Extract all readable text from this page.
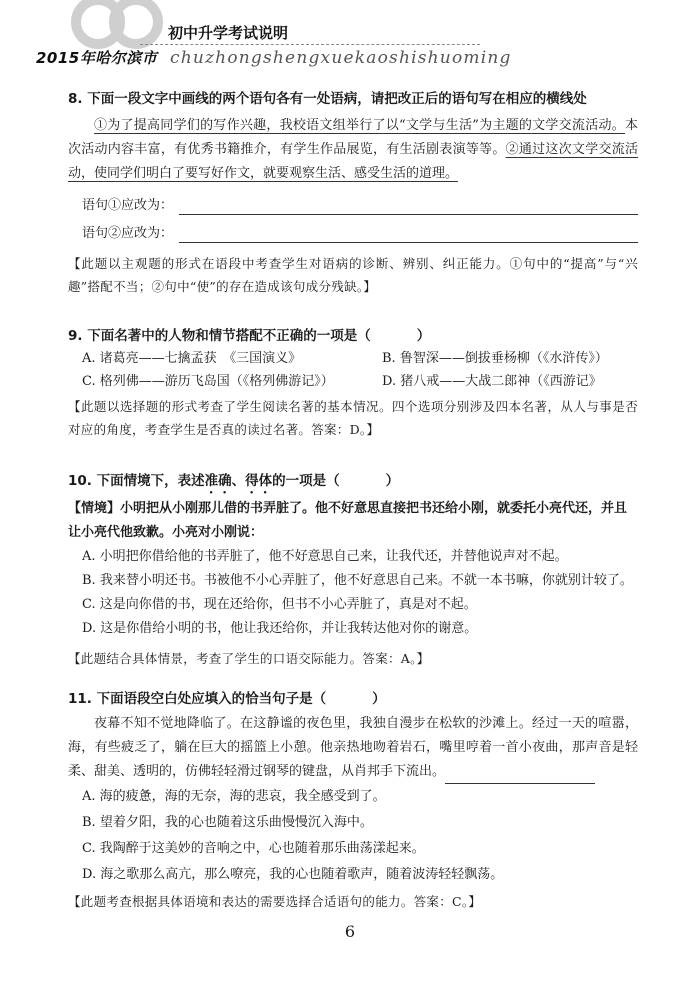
初中升学考试说明
2015年哈尔滨市 chuzhongshengxuekaoshishuoming
8. 下面一段文字中画线的两个语句各有一处语病，请把改正后的语句写在相应的横线处
①为了提高同学们的写作兴趣，我校语文组举行了以“文学与生活”为主题的文学交流活动。本次活动内容丰富，有优秀书籍推介，有学生作品展览，有生活剧表演等等。②通过这次文学交流活动，使同学们明白了要写好作文，就要观察生活、感受生活的道理。
语句①应改为：
语句②应改为：
【此题以主观题的形式在语段中考查学生对语病的诊断、辨别、纠正能力。①句中的“提高”与“兴趣”搭配不当；②句中“使”的存在造成该句成分残缺。】
9. 下面名著中的人物和情节搭配不正确的一项是（	）
A. 诸葛亮——七擒孟获　《三国演义》	B. 鲁智深——倒拔垂杨柳（《水浒传》）
C. 格列佛——游历飞岛国（《格列佛游记》）	D. 猪八戒——大战二郎神（《西游记》
【此题以选择题的形式考查了学生阅读名著的基本情况。四个选项分别涉及四本名著，从人与事是否对应的角度，考查学生是否真的读过名著。答案：D。】
10. 下面情境下，表述准确、得体的一项是（	）
【情境】小明把从小刚那儿借的书弄脏了。他不好意思直接把书还给小刚，就委托小亮代还，并且让小亮代他致歉。小亮对小刚说：
A. 小明把你借给他的书弄脏了，他不好意思自己来，让我代还，并替他说声对不起。
B. 我来替小明还书。书被他不小心弄脏了，他不好意思自己来。不就一本书嘛，你就别计较了。
C. 这是向你借的书，现在还给你，但书不小心弄脏了，真是对不起。
D. 这是你借给小明的书，他让我还给你，并让我转达他对你的谢意。
【此题结合具体情景，考查了学生的口语交际能力。答案：A。】
11. 下面语段空白处应填入的恰当句子是（	）
夜幕不知不觉地降临了。在这静谧的夜色里，我独自漫步在松软的沙滩上。经过一天的喧嚣，海，有些疲乏了，躺在巨大的摇篮上小憩。他亲热地吻着岩石，嘴里哼着一首小夜曲，那声音是轻柔、甜美、透明的，仿佛轻轻滑过钢琴的键盘，从肖邦手下流出。
A. 海的疲惫，海的无奈，海的悲哀，我全感受到了。
B. 望着夕阳，我的心也随着这乐曲慢慢沉入海中。
C. 我陶醉于这美妙的音响之中，心也随着那乐曲荡漾起来。
D. 海之歌那么高亢，那么嘹亮，我的心也随着歌声，随着波涛轻轻飘荡。
【此题考查根据具体语境和表达的需要选择合适语句的能力。答案：C。】
6
